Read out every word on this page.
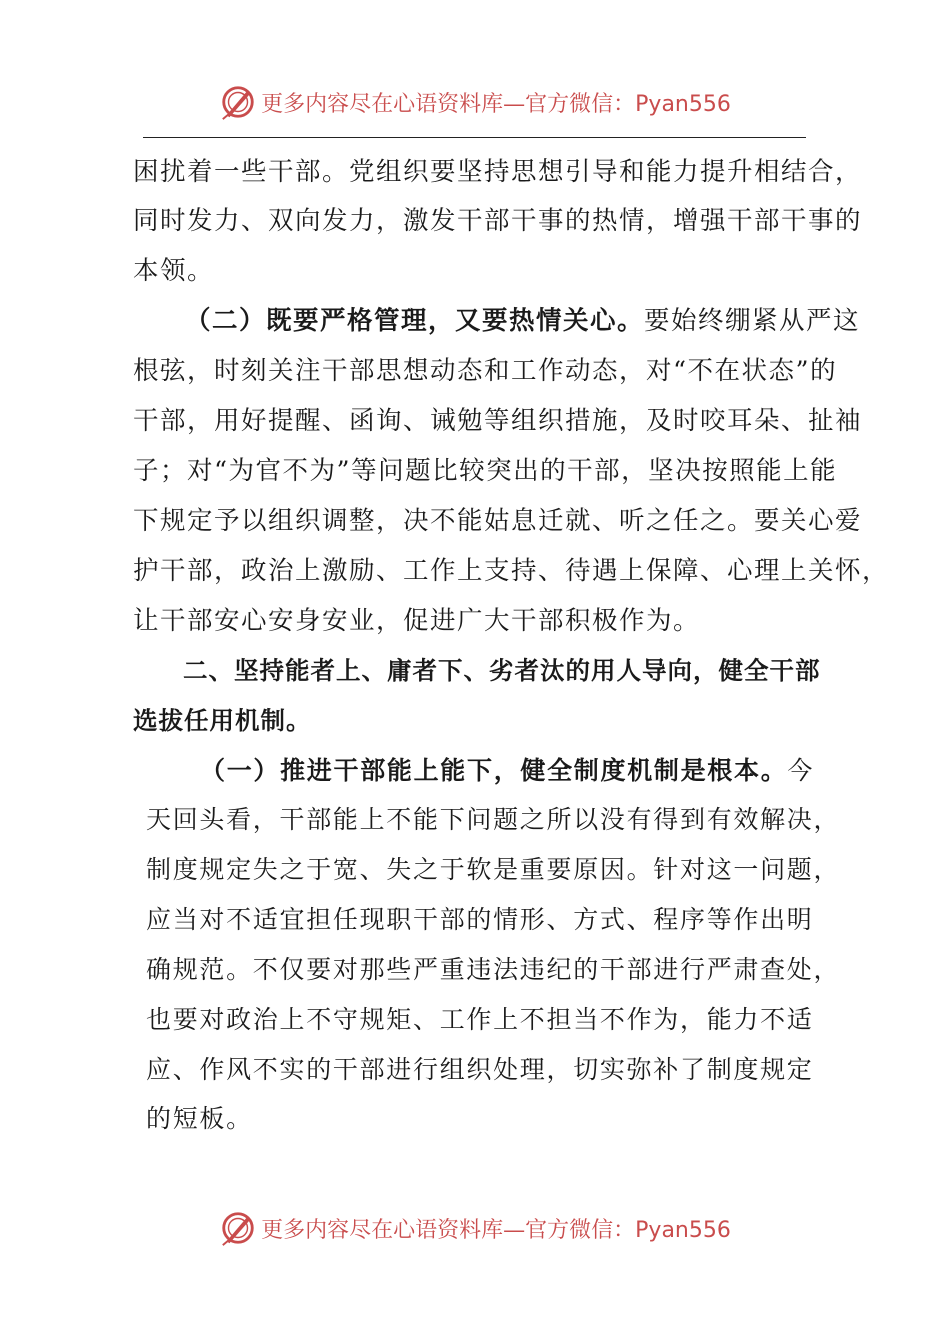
更多内容尽在心语资料库—官方微信：Pyan556
困扰着一些干部。党组织要坚持思想引导和能力提升相结合，
同时发力、双向发力，激发干部干事的热情，增强干部干事的
本领。
（二）既要严格管理，又要热情关心。要始终绷紧从严这
根弦，时刻关注干部思想动态和工作动态，对“不在状态”的
干部，用好提醒、函询、诫勉等组织措施，及时咬耳朵、扯袖
子；对“为官不为”等问题比较突出的干部，坚决按照能上能
下规定予以组织调整，决不能姑息迁就、听之任之。要关心爱
护干部，政治上激励、工作上支持、待遇上保障、心理上关怀，
让干部安心安身安业，促进广大干部积极作为。
二、坚持能者上、庸者下、劣者汰的用人导向，健全干部
选拔任用机制。
（一）推进干部能上能下，健全制度机制是根本。今
天回头看，干部能上不能下问题之所以没有得到有效解决，
制度规定失之于宽、失之于软是重要原因。针对这一问题，
应当对不适宜担任现职干部的情形、方式、程序等作出明
确规范。不仅要对那些严重违法违纪的干部进行严肃查处，
也要对政治上不守规矩、工作上不担当不作为，能力不适
应、作风不实的干部进行组织处理，切实弥补了制度规定
的短板。
更多内容尽在心语资料库—官方微信：Pyan556
